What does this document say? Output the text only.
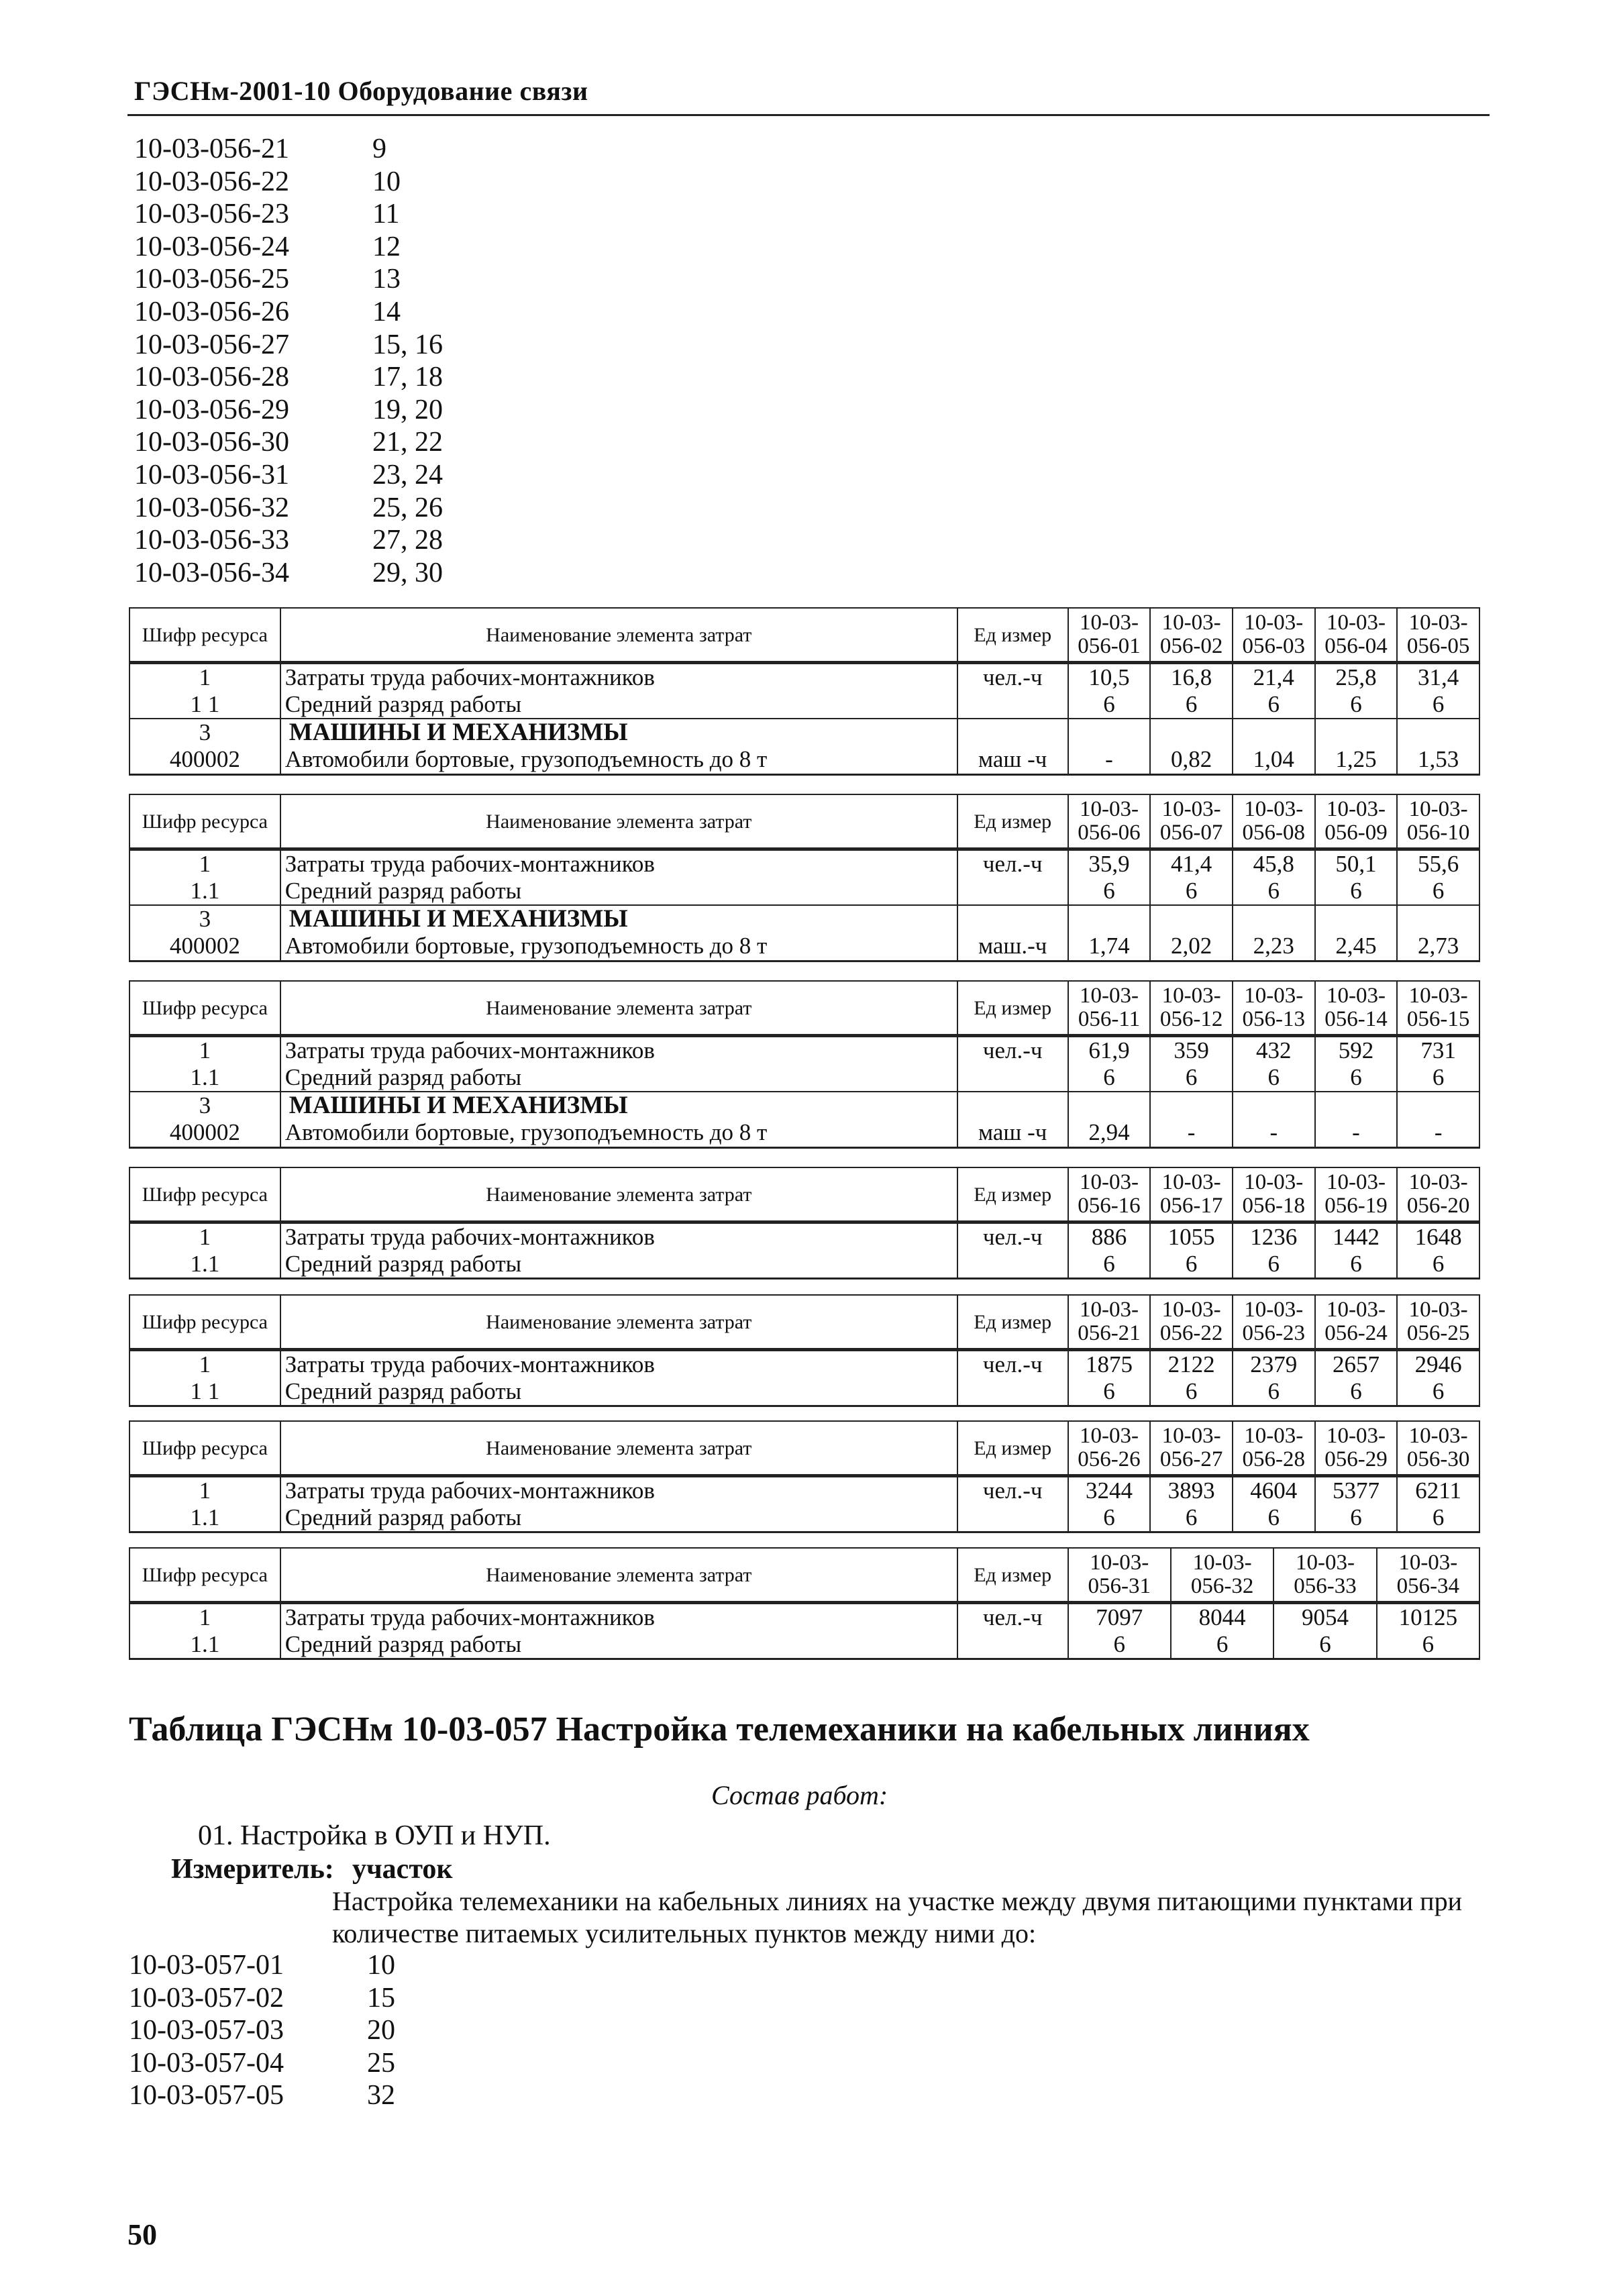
ГЭСНм-2001-10 Оборудование связи
10-03-056-21	9
10-03-056-22	10
10-03-056-23	11
10-03-056-24	12
10-03-056-25	13
10-03-056-26	14
10-03-056-27	15, 16
10-03-056-28	17, 18
10-03-056-29	19, 20
10-03-056-30	21, 22
10-03-056-31	23, 24
10-03-056-32	25, 26
10-03-056-33	27, 28
10-03-056-34	29, 30
Шифр ресурса	Наименование элемента затрат	Ед измер	10-03-056-01	10-03-056-02	10-03-056-03	10-03-056-04	10-03-056-05
1	Затраты труда рабочих-монтажников	чел.-ч	10,5	16,8	21,4	25,8	31,4
1 1	Средний разряд работы		6	6	6	6	6
3	МАШИНЫ И МЕХАНИЗМЫ						
400002	Автомобили бортовые, грузоподъемность до 8 т	маш -ч	-	0,82	1,04	1,25	1,53
Шифр ресурса	Наименование элемента затрат	Ед измер	10-03-056-06	10-03-056-07	10-03-056-08	10-03-056-09	10-03-056-10
1	Затраты труда рабочих-монтажников	чел.-ч	35,9	41,4	45,8	50,1	55,6
1.1	Средний разряд работы		6	6	6	6	6
3	МАШИНЫ И МЕХАНИЗМЫ						
400002	Автомобили бортовые, грузоподъемность до 8 т	маш.-ч	1,74	2,02	2,23	2,45	2,73
Шифр ресурса	Наименование элемента затрат	Ед измер	10-03-056-11	10-03-056-12	10-03-056-13	10-03-056-14	10-03-056-15
1	Затраты труда рабочих-монтажников	чел.-ч	61,9	359	432	592	731
1.1	Средний разряд работы		6	6	6	6	6
3	МАШИНЫ И МЕХАНИЗМЫ						
400002	Автомобили бортовые, грузоподъемность до 8 т	маш -ч	2,94	-	-	-	-
Шифр ресурса	Наименование элемента затрат	Ед измер	10-03-056-16	10-03-056-17	10-03-056-18	10-03-056-19	10-03-056-20
1	Затраты труда рабочих-монтажников	чел.-ч	886	1055	1236	1442	1648
1.1	Средний разряд работы		6	6	6	6	6
Шифр ресурса	Наименование элемента затрат	Ед измер	10-03-056-21	10-03-056-22	10-03-056-23	10-03-056-24	10-03-056-25
1	Затраты труда рабочих-монтажников	чел.-ч	1875	2122	2379	2657	2946
1 1	Средний разряд работы		6	6	6	6	6
Шифр ресурса	Наименование элемента затрат	Ед измер	10-03-056-26	10-03-056-27	10-03-056-28	10-03-056-29	10-03-056-30
1	Затраты труда рабочих-монтажников	чел.-ч	3244	3893	4604	5377	6211
1.1	Средний разряд работы		6	6	6	6	6
Шифр ресурса	Наименование элемента затрат	Ед измер	10-03-056-31	10-03-056-32	10-03-056-33	10-03-056-34
1	Затраты труда рабочих-монтажников	чел.-ч	7097	8044	9054	10125
1.1	Средний разряд работы		6	6	6	6
Таблица ГЭСНм 10-03-057 Настройка телемеханики на кабельных линиях
Состав работ:
01. Настройка в ОУП и НУП.
Измеритель: участок
Настройка телемеханики на кабельных линиях на участке между двумя питающими пунктами при количестве питаемых усилительных пунктов между ними до:
10-03-057-01	10
10-03-057-02	15
10-03-057-03	20
10-03-057-04	25
10-03-057-05	32
50
